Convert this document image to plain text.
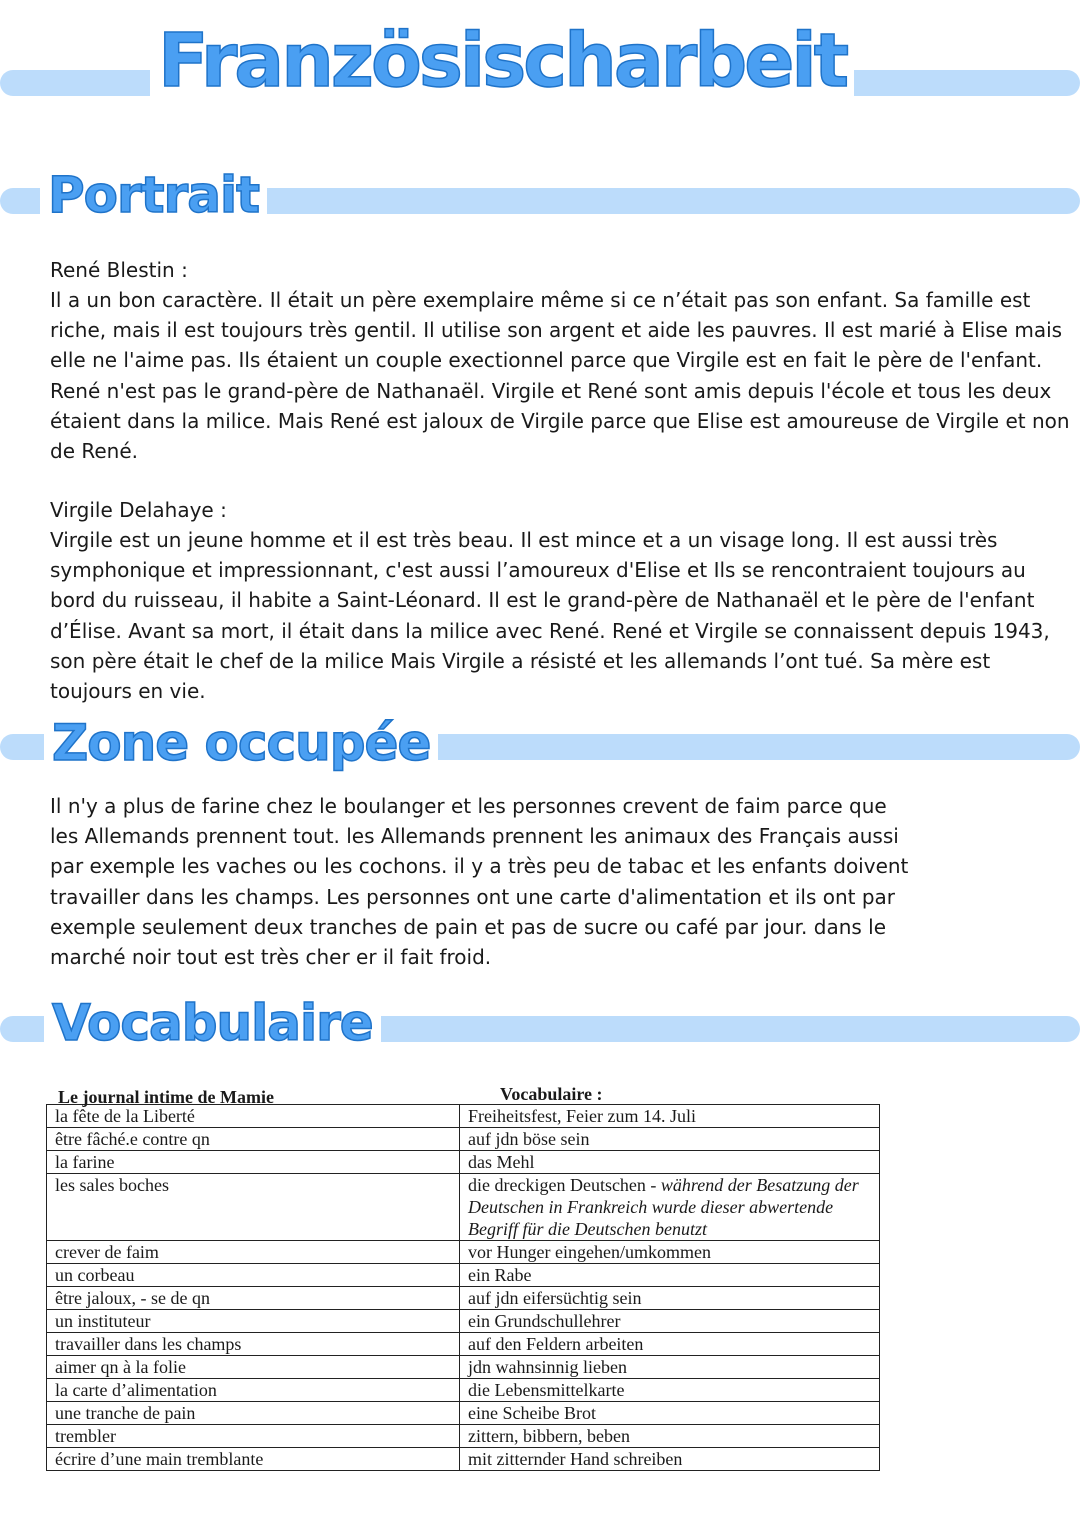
Französischarbeit
Portrait
Zone occupée
Vocabulaire

René Blestin :

Il a un bon caractère. Il était un père exemplaire même si ce n’était pas son enfant. Sa famille est riche, mais il est toujours très gentil. Il utilise son argent et aide les pauvres. Il est marié à Elise mais elle ne l'aime pas. Ils étaient un couple exectionnel parce que Virgile est en fait le père de l'enfant. René n'est pas le grand-père de Nathanaël. Virgile et René sont amis depuis l'école et tous les deux étaient dans la milice. Mais René est jaloux de Virgile parce que Elise est amoureuse de Virgile et non de René.

Virgile Delahaye :

Virgile est un jeune homme et il est très beau. Il est mince et a un visage long. Il est aussi très symphonique et impressionnant, c'est aussi l’amoureux d'Elise et Ils se rencontraient toujours au bord du ruisseau, il habite a Saint-Léonard. Il est le grand-père de Nathanaël et le père de l'enfant d’Élise. Avant sa mort, il était dans la milice avec René. René et Virgile se connaissent depuis 1943, son père était le chef de la milice Mais Virgile a résisté et les allemands l’ont tué. Sa mère est toujours en vie.

Il n'y a plus de farine chez le boulanger et les personnes crevent de faim parce que les Allemands prennent tout. les Allemands prennent les animaux des Français aussi par exemple les vaches ou les cochons. il y a très peu de tabac et les enfants doivent travailler dans les champs. Les personnes ont une carte d'alimentation et ils ont par exemple seulement deux tranches de pain et pas de sucre ou café par jour. dans le marché noir tout est très cher er il fait froid.

Le journal intime de Mamie	Vocabulaire :
la fête de la Liberté	Freiheitsfest, Feier zum 14. Juli
être fâché.e contre qn	auf jdn böse sein
la farine	das Mehl
les sales boches	die dreckigen Deutschen - während der Besatzung der Deutschen in Frankreich wurde dieser abwertende Begriff für die Deutschen benutzt
crever de faim	vor Hunger eingehen/umkommen
un corbeau	ein Rabe
être jaloux, - se de qn	auf jdn eifersüchtig sein
un instituteur	ein Grundschullehrer
travailler dans les champs	auf den Feldern arbeiten
aimer qn à la folie	jdn wahnsinnig lieben
la carte d’alimentation	die Lebensmittelkarte
une tranche de pain	eine Scheibe Brot
trembler	zittern, bibbern, beben
écrire d’une main tremblante	mit zitternder Hand schreiben
